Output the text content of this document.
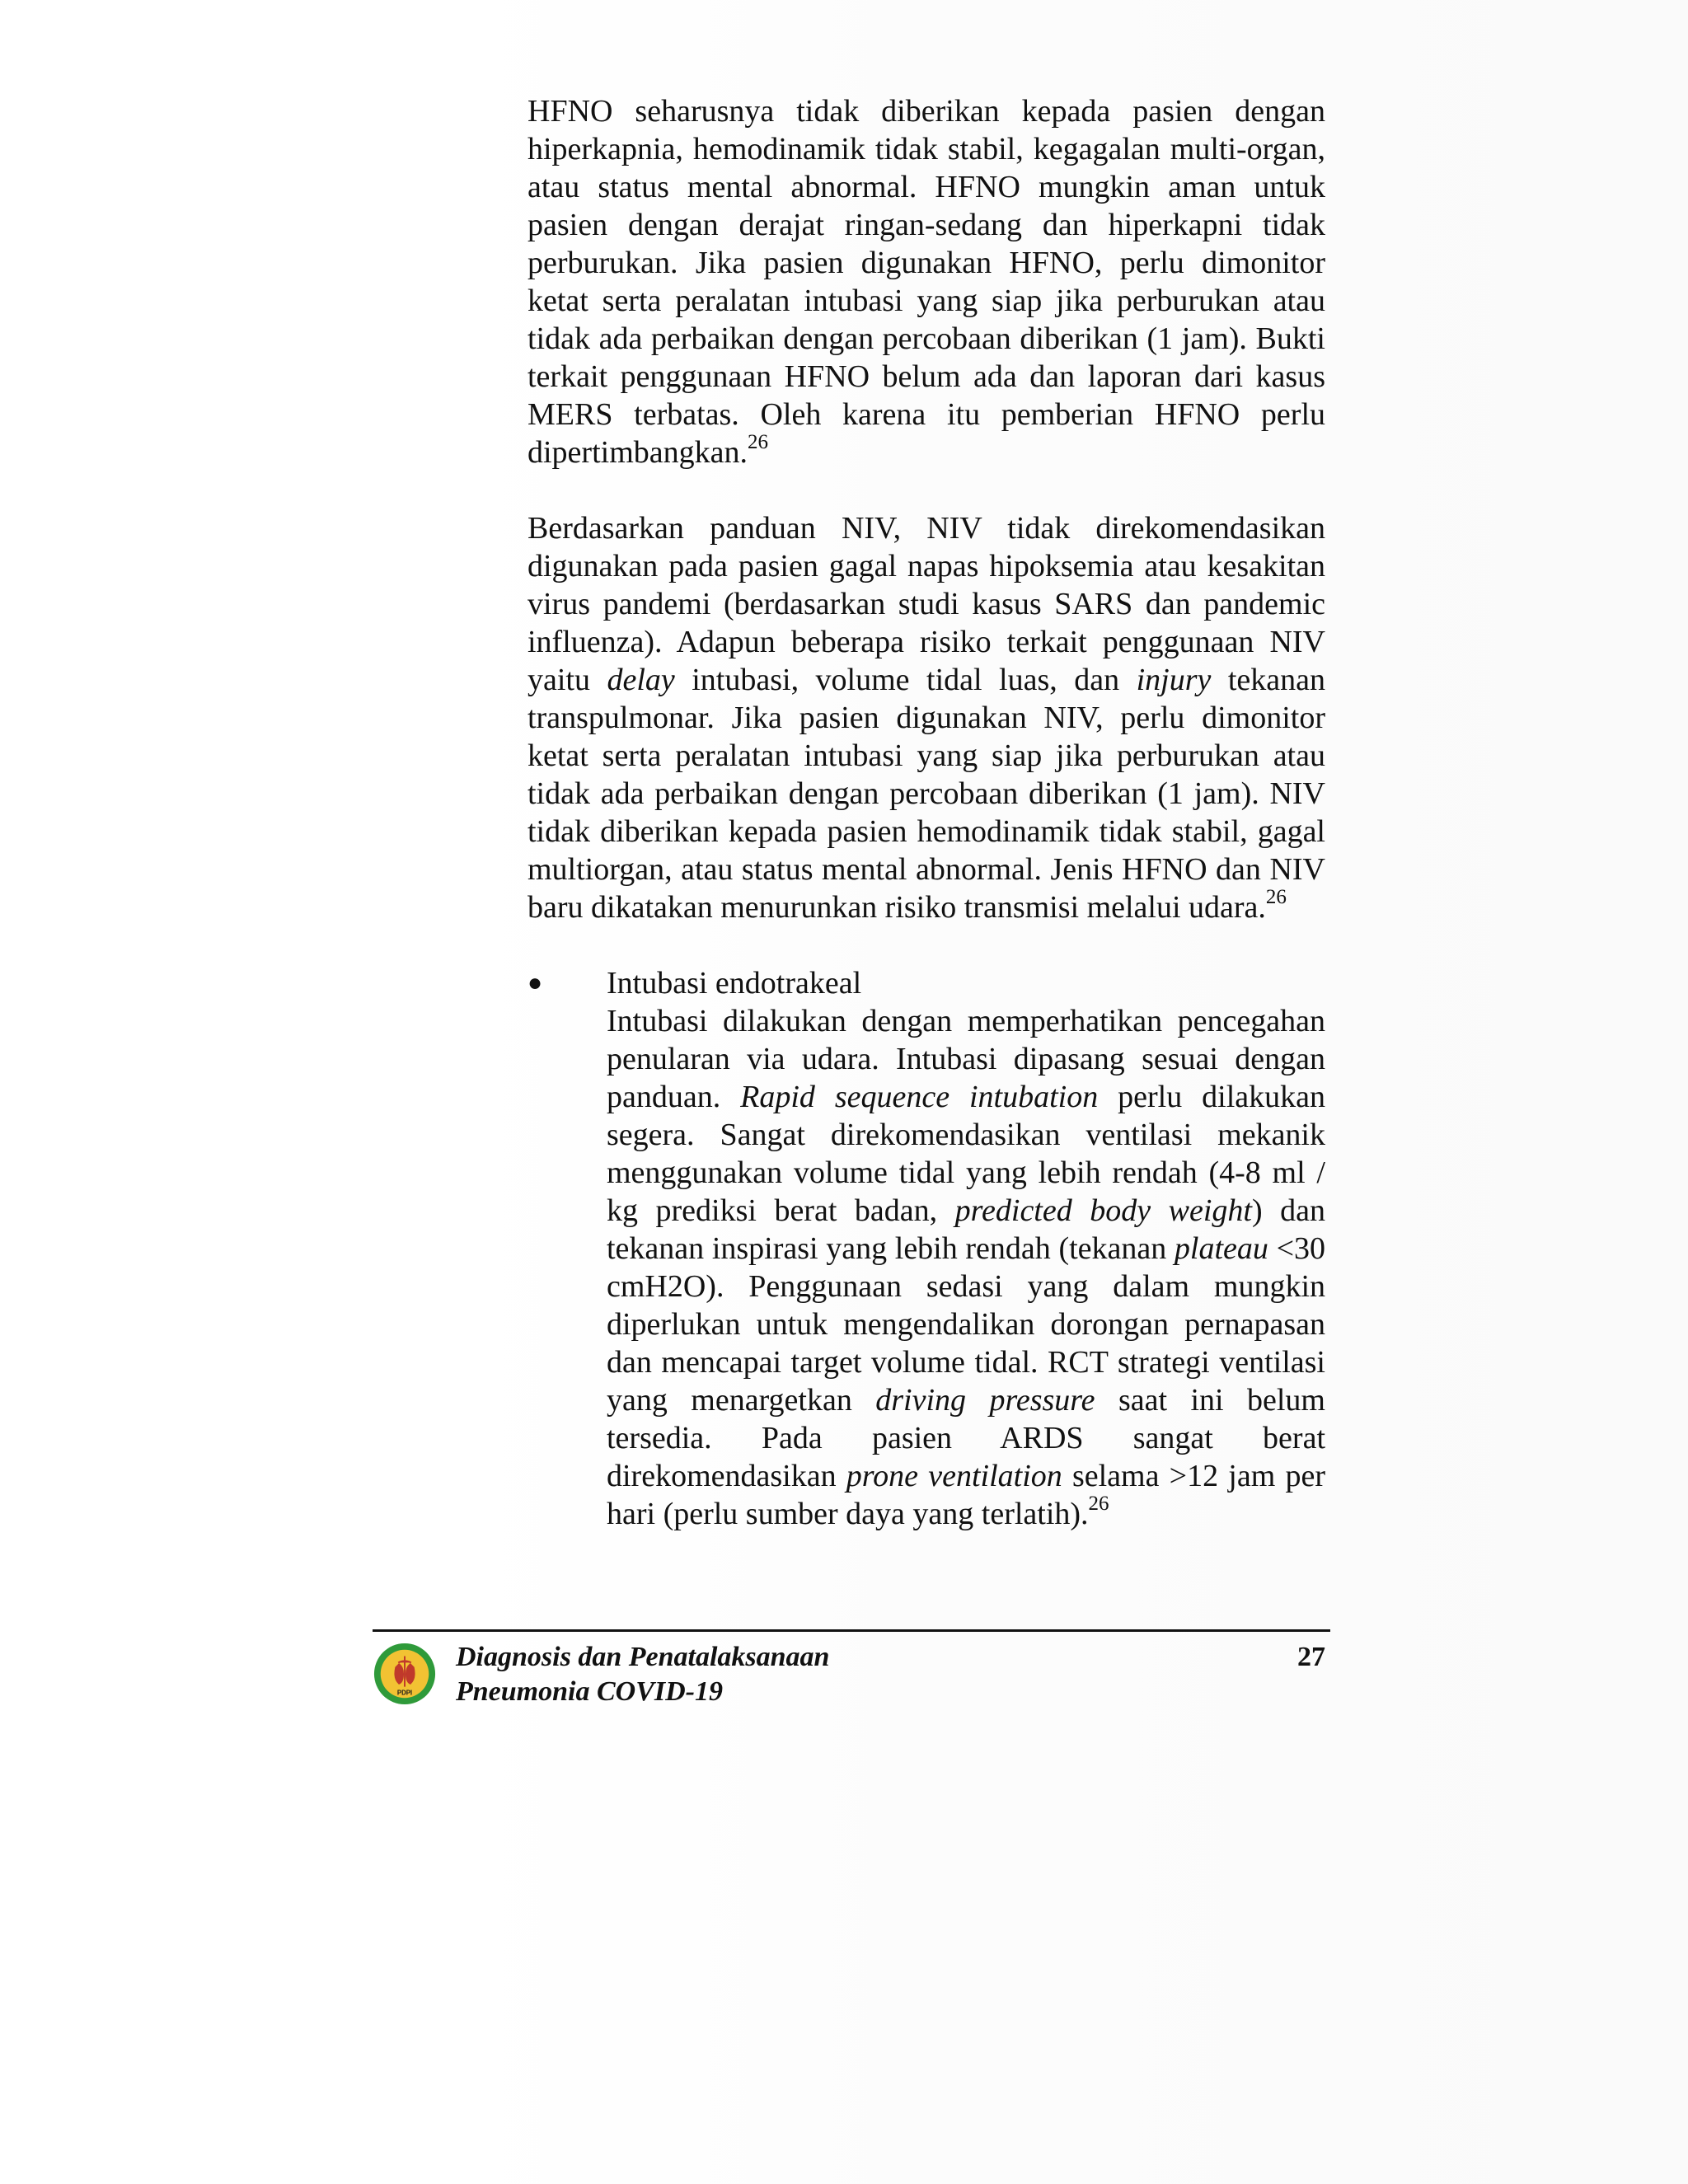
HFNO seharusnya tidak diberikan kepada pasien dengan hiperkapnia, hemodinamik tidak stabil, kegagalan multi-organ, atau status mental abnormal. HFNO mungkin aman untuk pasien dengan derajat ringan-sedang dan hiperkapni tidak perburukan. Jika pasien digunakan HFNO, perlu dimonitor ketat serta peralatan intubasi yang siap jika perburukan atau tidak ada perbaikan dengan percobaan diberikan (1 jam). Bukti terkait penggunaan HFNO belum ada dan laporan dari kasus MERS terbatas. Oleh karena itu pemberian HFNO perlu dipertimbangkan.$^{26}$

Berdasarkan panduan NIV, NIV tidak direkomendasikan digunakan pada pasien gagal napas hipoksemia atau kesakitan virus pandemi (berdasarkan studi kasus SARS dan pandemic influenza). Adapun beberapa risiko terkait penggunaan NIV yaitu delay intubasi, volume tidal luas, dan injury tekanan transpulmonar. Jika pasien digunakan NIV, perlu dimonitor ketat serta peralatan intubasi yang siap jika perburukan atau tidak ada perbaikan dengan percobaan diberikan (1 jam). NIV tidak diberikan kepada pasien hemodinamik tidak stabil, gagal multiorgan, atau status mental abnormal. Jenis HFNO dan NIV baru dikatakan menurunkan risiko transmisi melalui udara.$^{26}$

● Intubasi endotrakeal

Intubasi dilakukan dengan memperhatikan pencegahan penularan via udara. Intubasi dipasang sesuai dengan panduan. Rapid sequence intubation perlu dilakukan segera. Sangat direkomendasikan ventilasi mekanik menggunakan volume tidal yang lebih rendah (4-8 ml / kg prediksi berat badan, predicted body weight) dan tekanan inspirasi yang lebih rendah (tekanan plateau <30 cmH2O). Penggunaan sedasi yang dalam mungkin diperlukan untuk mengendalikan dorongan pernapasan dan mencapai target volume tidal. RCT strategi ventilasi yang menargetkan driving pressure saat ini belum tersedia. Pada pasien ARDS sangat berat direkomendasikan prone ventilation selama >12 jam per hari (perlu sumber daya yang terlatih).$^{26}$

PDPI
Diagnosis dan Penatalaksanaan
Pneumonia COVID-19
27
